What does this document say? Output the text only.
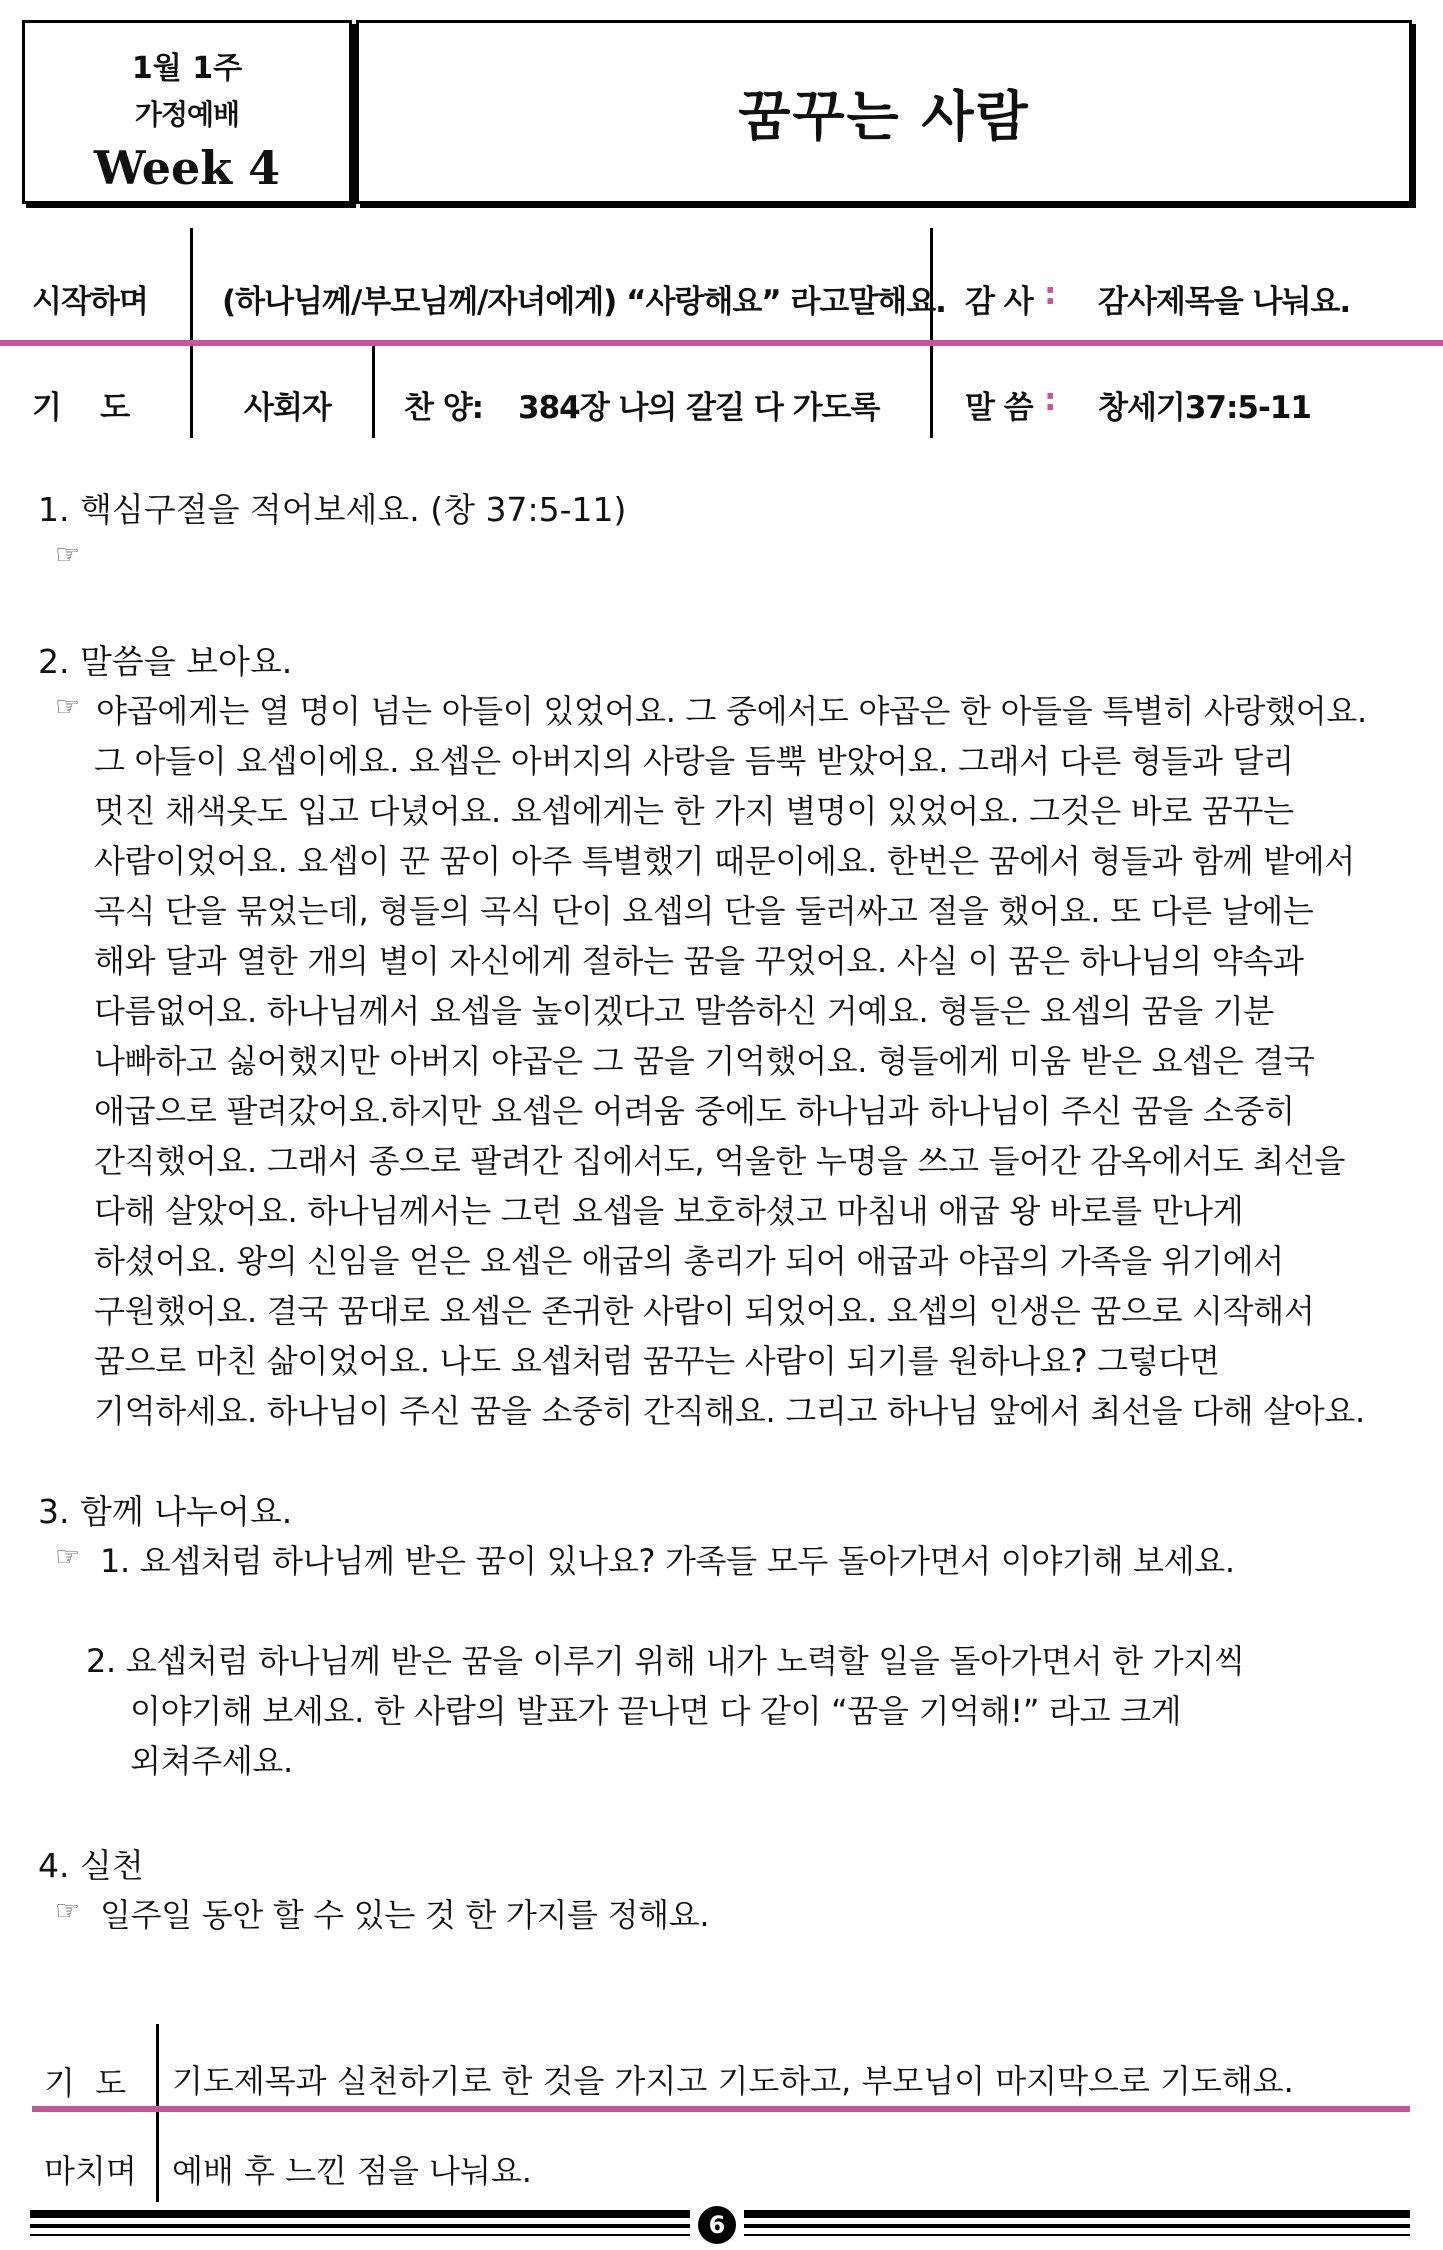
1월 1주
가정예배
Week 4
꿈꾸는 사람
시작하며 (하나님께/부모님께/자녀에게) “사랑해요” 라고말해요. 감 사 : 감사제목을 나눠요.
기    도	사회자 찬 양: 384장 나의 갈길 다 가도록	말 씀 : 창세기37:5-11
1. 핵심구절을 적어보세요. (창 37:5-11)
☞
2. 말씀을 보아요.
☞ 야곱에게는 열 명이 넘는 아들이 있었어요. 그 중에서도 야곱은 한 아들을 특별히 사랑했어요.
그 아들이 요셉이에요. 요셉은 아버지의 사랑을 듬뿍 받았어요. 그래서 다른 형들과 달리
멋진 채색옷도 입고 다녔어요. 요셉에게는 한 가지 별명이 있었어요. 그것은 바로 꿈꾸는
사람이었어요. 요셉이 꾼 꿈이 아주 특별했기 때문이에요. 한번은 꿈에서 형들과 함께 밭에서
곡식 단을 묶었는데, 형들의 곡식 단이 요셉의 단을 둘러싸고 절을 했어요. 또 다른 날에는
해와 달과 열한 개의 별이 자신에게 절하는 꿈을 꾸었어요. 사실 이 꿈은 하나님의 약속과
다름없어요. 하나님께서 요셉을 높이겠다고 말씀하신 거예요. 형들은 요셉의 꿈을 기분
나빠하고 싫어했지만 아버지 야곱은 그 꿈을 기억했어요. 형들에게 미움 받은 요셉은 결국
애굽으로 팔려갔어요.하지만 요셉은 어려움 중에도 하나님과 하나님이 주신 꿈을 소중히
간직했어요. 그래서 종으로 팔려간 집에서도, 억울한 누명을 쓰고 들어간 감옥에서도 최선을
다해 살았어요. 하나님께서는 그런 요셉을 보호하셨고 마침내 애굽 왕 바로를 만나게
하셨어요. 왕의 신임을 얻은 요셉은 애굽의 총리가 되어 애굽과 야곱의 가족을 위기에서
구원했어요. 결국 꿈대로 요셉은 존귀한 사람이 되었어요. 요셉의 인생은 꿈으로 시작해서
꿈으로 마친 삶이었어요. 나도 요셉처럼 꿈꾸는 사람이 되기를 원하나요? 그렇다면
기억하세요. 하나님이 주신 꿈을 소중히 간직해요. 그리고 하나님 앞에서 최선을 다해 살아요.
3. 함께 나누어요.
☞ 1. 요셉처럼 하나님께 받은 꿈이 있나요? 가족들 모두 돌아가면서 이야기해 보세요.
2. 요셉처럼 하나님께 받은 꿈을 이루기 위해 내가 노력할 일을 돌아가면서 한 가지씩
이야기해 보세요. 한 사람의 발표가 끝나면 다 같이 “꿈을 기억해!” 라고 크게
외쳐주세요.
4. 실천
☞ 일주일 동안 할 수 있는 것 한 가지를 정해요.
기  도 기도제목과 실천하기로 한 것을 가지고 기도하고, 부모님이 마지막으로 기도해요.
마치며 예배 후 느낀 점을 나눠요.
6
